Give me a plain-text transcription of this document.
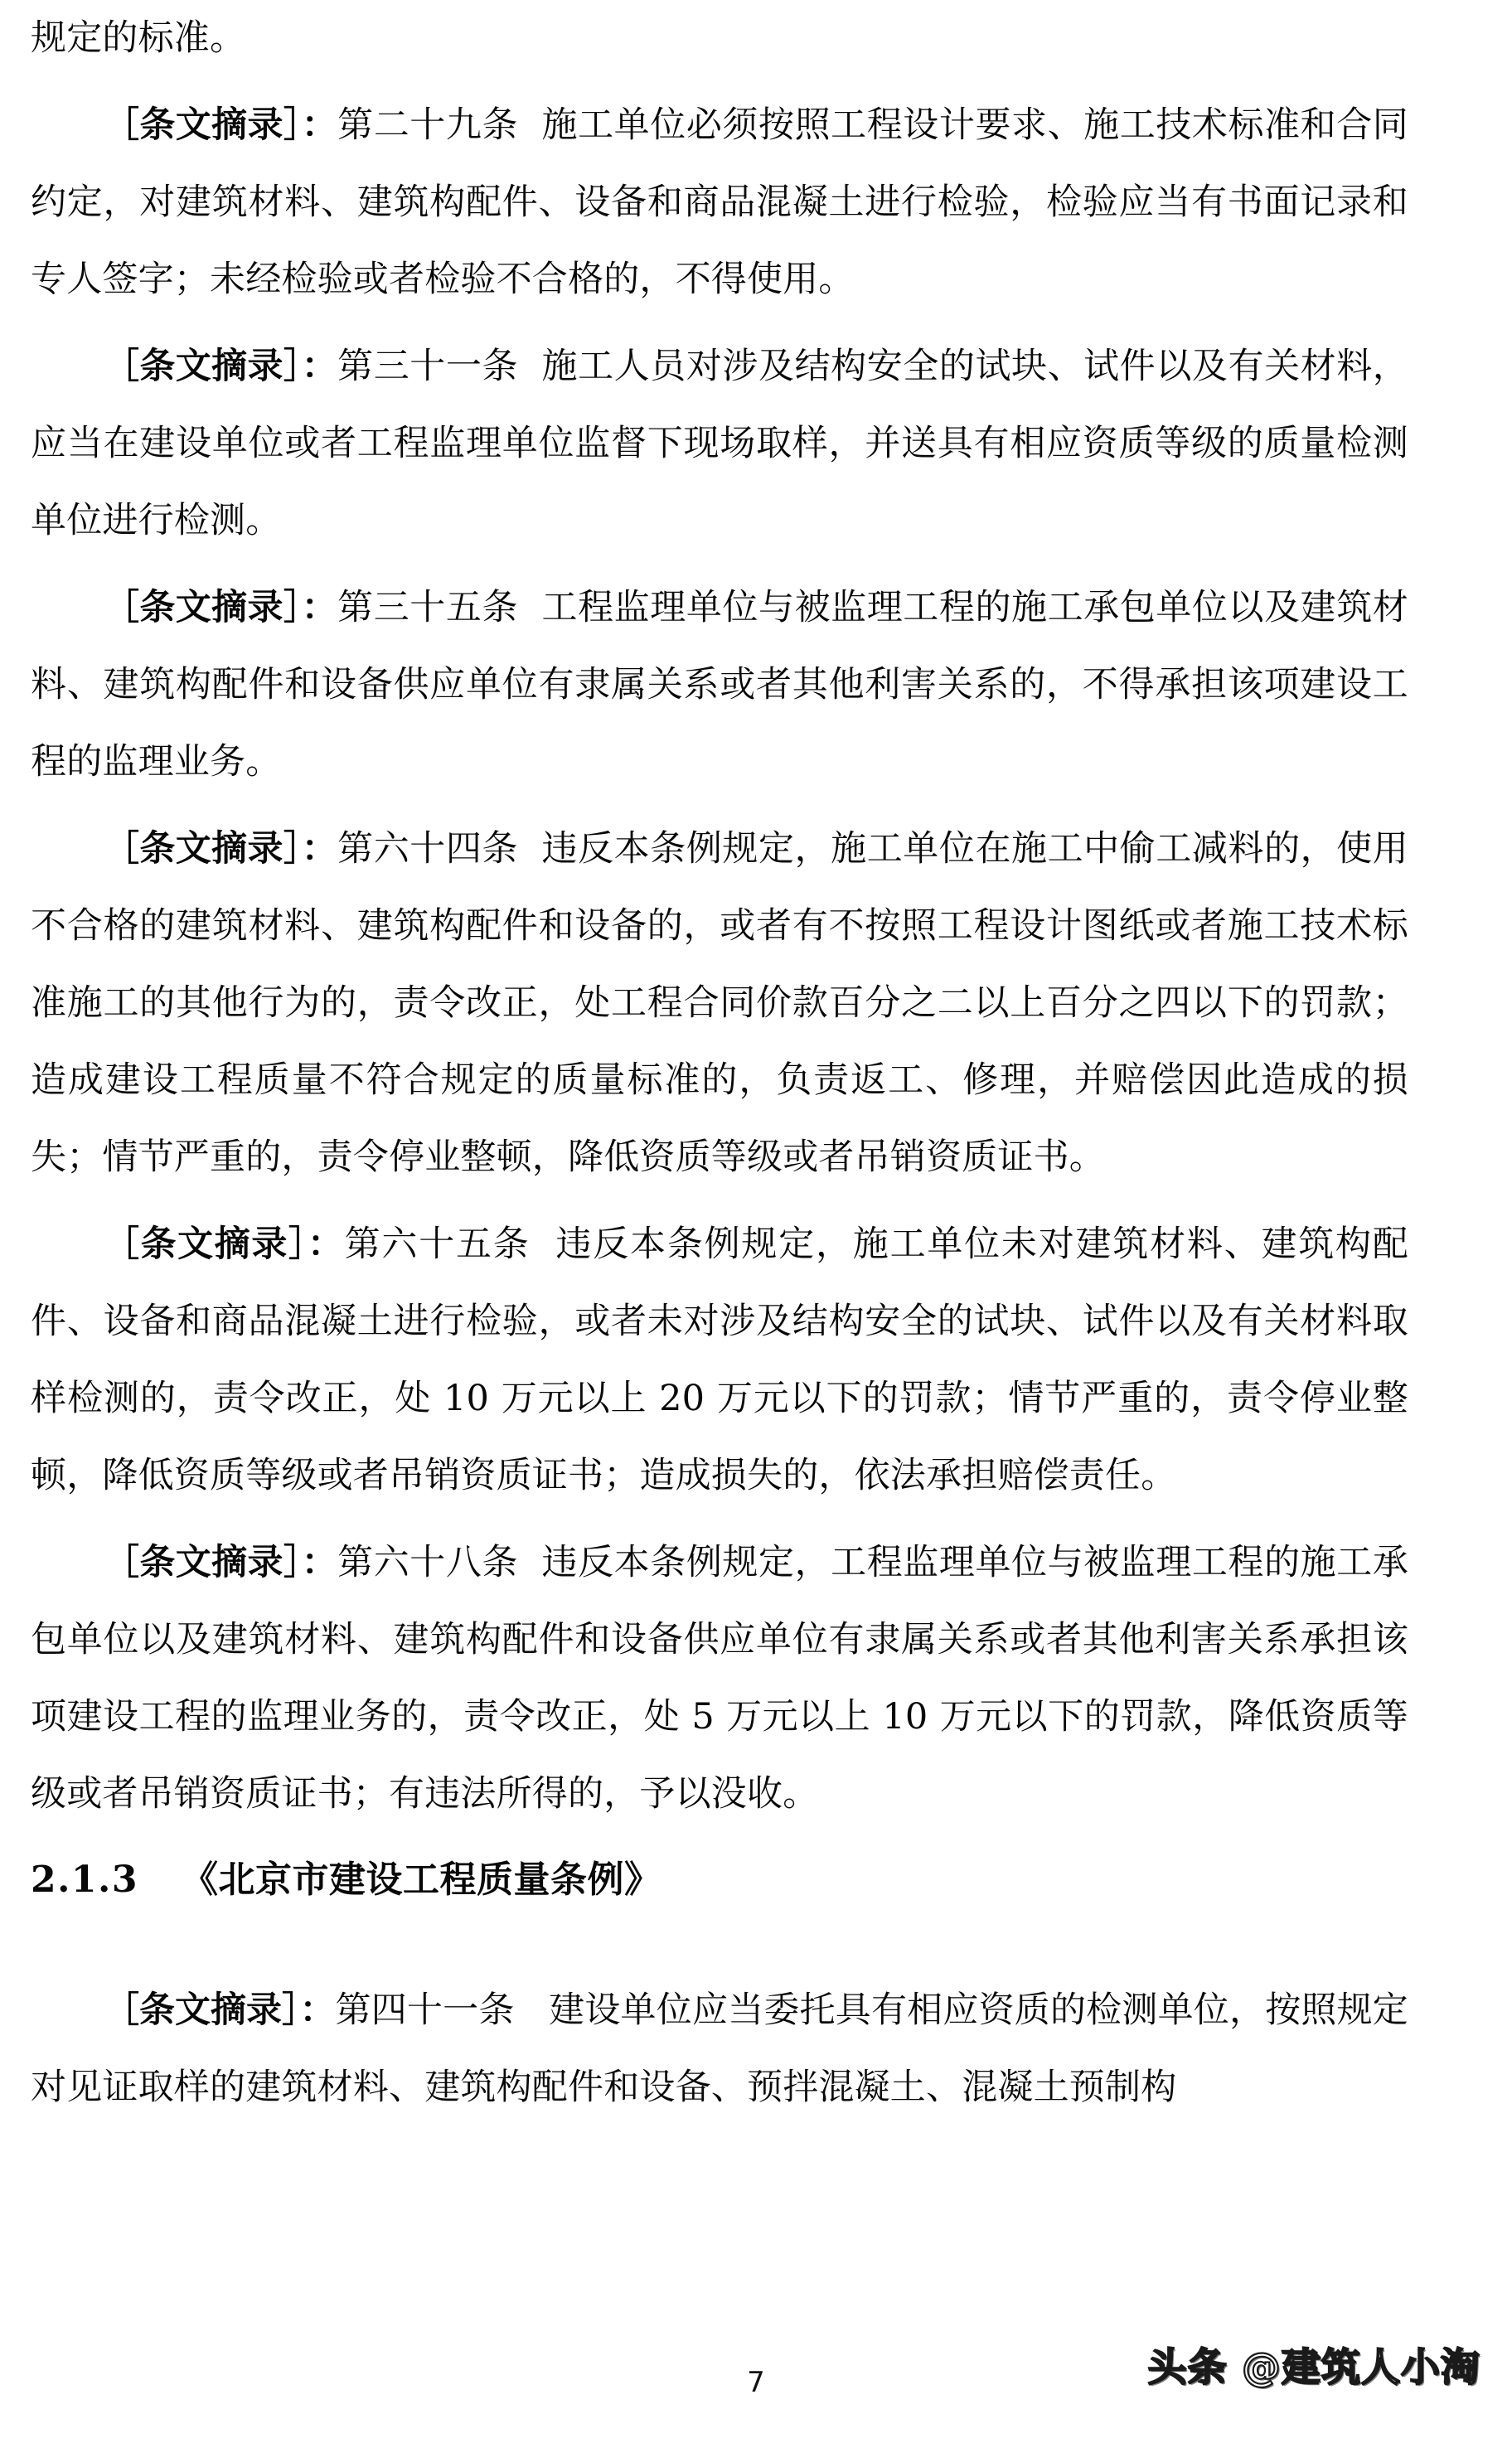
规定的标准。

［条文摘录］：第二十九条 施工单位必须按照工程设计要求、施工技术标准和合同约定，对建筑材料、建筑构配件、设备和商品混凝土进行检验，检验应当有书面记录和专人签字；未经检验或者检验不合格的，不得使用。

［条文摘录］：第三十一条 施工人员对涉及结构安全的试块、试件以及有关材料，应当在建设单位或者工程监理单位监督下现场取样，并送具有相应资质等级的质量检测单位进行检测。

［条文摘录］：第三十五条 工程监理单位与被监理工程的施工承包单位以及建筑材料、建筑构配件和设备供应单位有隶属关系或者其他利害关系的，不得承担该项建设工程的监理业务。

［条文摘录］：第六十四条 违反本条例规定，施工单位在施工中偷工减料的，使用不合格的建筑材料、建筑构配件和设备的，或者有不按照工程设计图纸或者施工技术标准施工的其他行为的，责令改正，处工程合同价款百分之二以上百分之四以下的罚款；造成建设工程质量不符合规定的质量标准的，负责返工、修理，并赔偿因此造成的损失；情节严重的，责令停业整顿，降低资质等级或者吊销资质证书。

［条文摘录］：第六十五条 违反本条例规定，施工单位未对建筑材料、建筑构配件、设备和商品混凝土进行检验，或者未对涉及结构安全的试块、试件以及有关材料取样检测的，责令改正，处 10 万元以上 20 万元以下的罚款；情节严重的，责令停业整顿，降低资质等级或者吊销资质证书；造成损失的，依法承担赔偿责任。

［条文摘录］：第六十八条 违反本条例规定，工程监理单位与被监理工程的施工承包单位以及建筑材料、建筑构配件和设备供应单位有隶属关系或者其他利害关系承担该项建设工程的监理业务的，责令改正，处 5 万元以上 10 万元以下的罚款，降低资质等级或者吊销资质证书；有违法所得的，予以没收。

2.1.3 《北京市建设工程质量条例》

［条文摘录］：第四十一条 建设单位应当委托具有相应资质的检测单位，按照规定对见证取样的建筑材料、建筑构配件和设备、预拌混凝土、混凝土预制构

7	头条 @建筑人小淘
